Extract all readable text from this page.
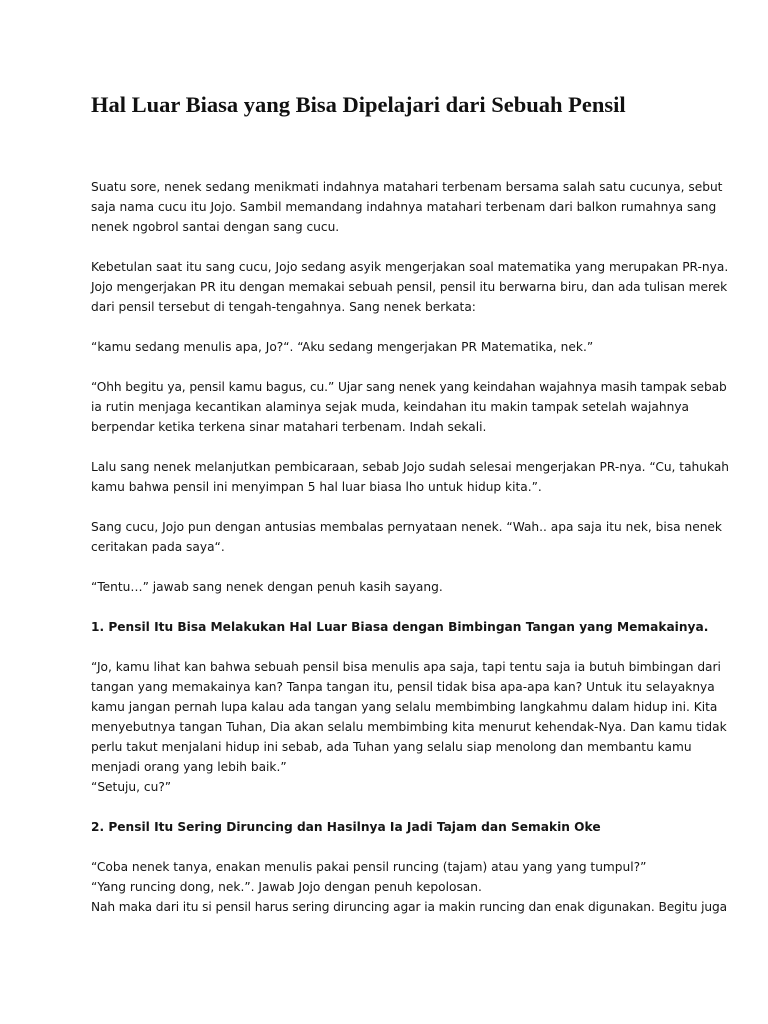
Hal Luar Biasa yang Bisa Dipelajari dari Sebuah Pensil

Suatu sore, nenek sedang menikmati indahnya matahari terbenam bersama salah satu cucunya, sebut
saja nama cucu itu Jojo. Sambil memandang indahnya matahari terbenam dari balkon rumahnya sang
nenek ngobrol santai dengan sang cucu.

Kebetulan saat itu sang cucu, Jojo sedang asyik mengerjakan soal matematika yang merupakan PR-nya.
Jojo mengerjakan PR itu dengan memakai sebuah pensil, pensil itu berwarna biru, dan ada tulisan merek
dari pensil tersebut di tengah-tengahnya. Sang nenek berkata:

“kamu sedang menulis apa, Jo?“. “Aku sedang mengerjakan PR Matematika, nek.”

“Ohh begitu ya, pensil kamu bagus, cu.” Ujar sang nenek yang keindahan wajahnya masih tampak sebab
ia rutin menjaga kecantikan alaminya sejak muda, keindahan itu makin tampak setelah wajahnya
berpendar ketika terkena sinar matahari terbenam. Indah sekali.

Lalu sang nenek melanjutkan pembicaraan, sebab Jojo sudah selesai mengerjakan PR-nya. “Cu, tahukah
kamu bahwa pensil ini menyimpan 5 hal luar biasa lho untuk hidup kita.”.

Sang cucu, Jojo pun dengan antusias membalas pernyataan nenek. “Wah.. apa saja itu nek, bisa nenek
ceritakan pada saya“.

“Tentu…” jawab sang nenek dengan penuh kasih sayang.

1. Pensil Itu Bisa Melakukan Hal Luar Biasa dengan Bimbingan Tangan yang Memakainya.

“Jo, kamu lihat kan bahwa sebuah pensil bisa menulis apa saja, tapi tentu saja ia butuh bimbingan dari
tangan yang memakainya kan? Tanpa tangan itu, pensil tidak bisa apa-apa kan? Untuk itu selayaknya
kamu jangan pernah lupa kalau ada tangan yang selalu membimbing langkahmu dalam hidup ini. Kita
menyebutnya tangan Tuhan, Dia akan selalu membimbing kita menurut kehendak-Nya. Dan kamu tidak
perlu takut menjalani hidup ini sebab, ada Tuhan yang selalu siap menolong dan membantu kamu
menjadi orang yang lebih baik.”
“Setuju, cu?”

2. Pensil Itu Sering Diruncing dan Hasilnya Ia Jadi Tajam dan Semakin Oke

“Coba nenek tanya, enakan menulis pakai pensil runcing (tajam) atau yang yang tumpul?”
“Yang runcing dong, nek.”. Jawab Jojo dengan penuh kepolosan.
Nah maka dari itu si pensil harus sering diruncing agar ia makin runcing dan enak digunakan. Begitu juga
